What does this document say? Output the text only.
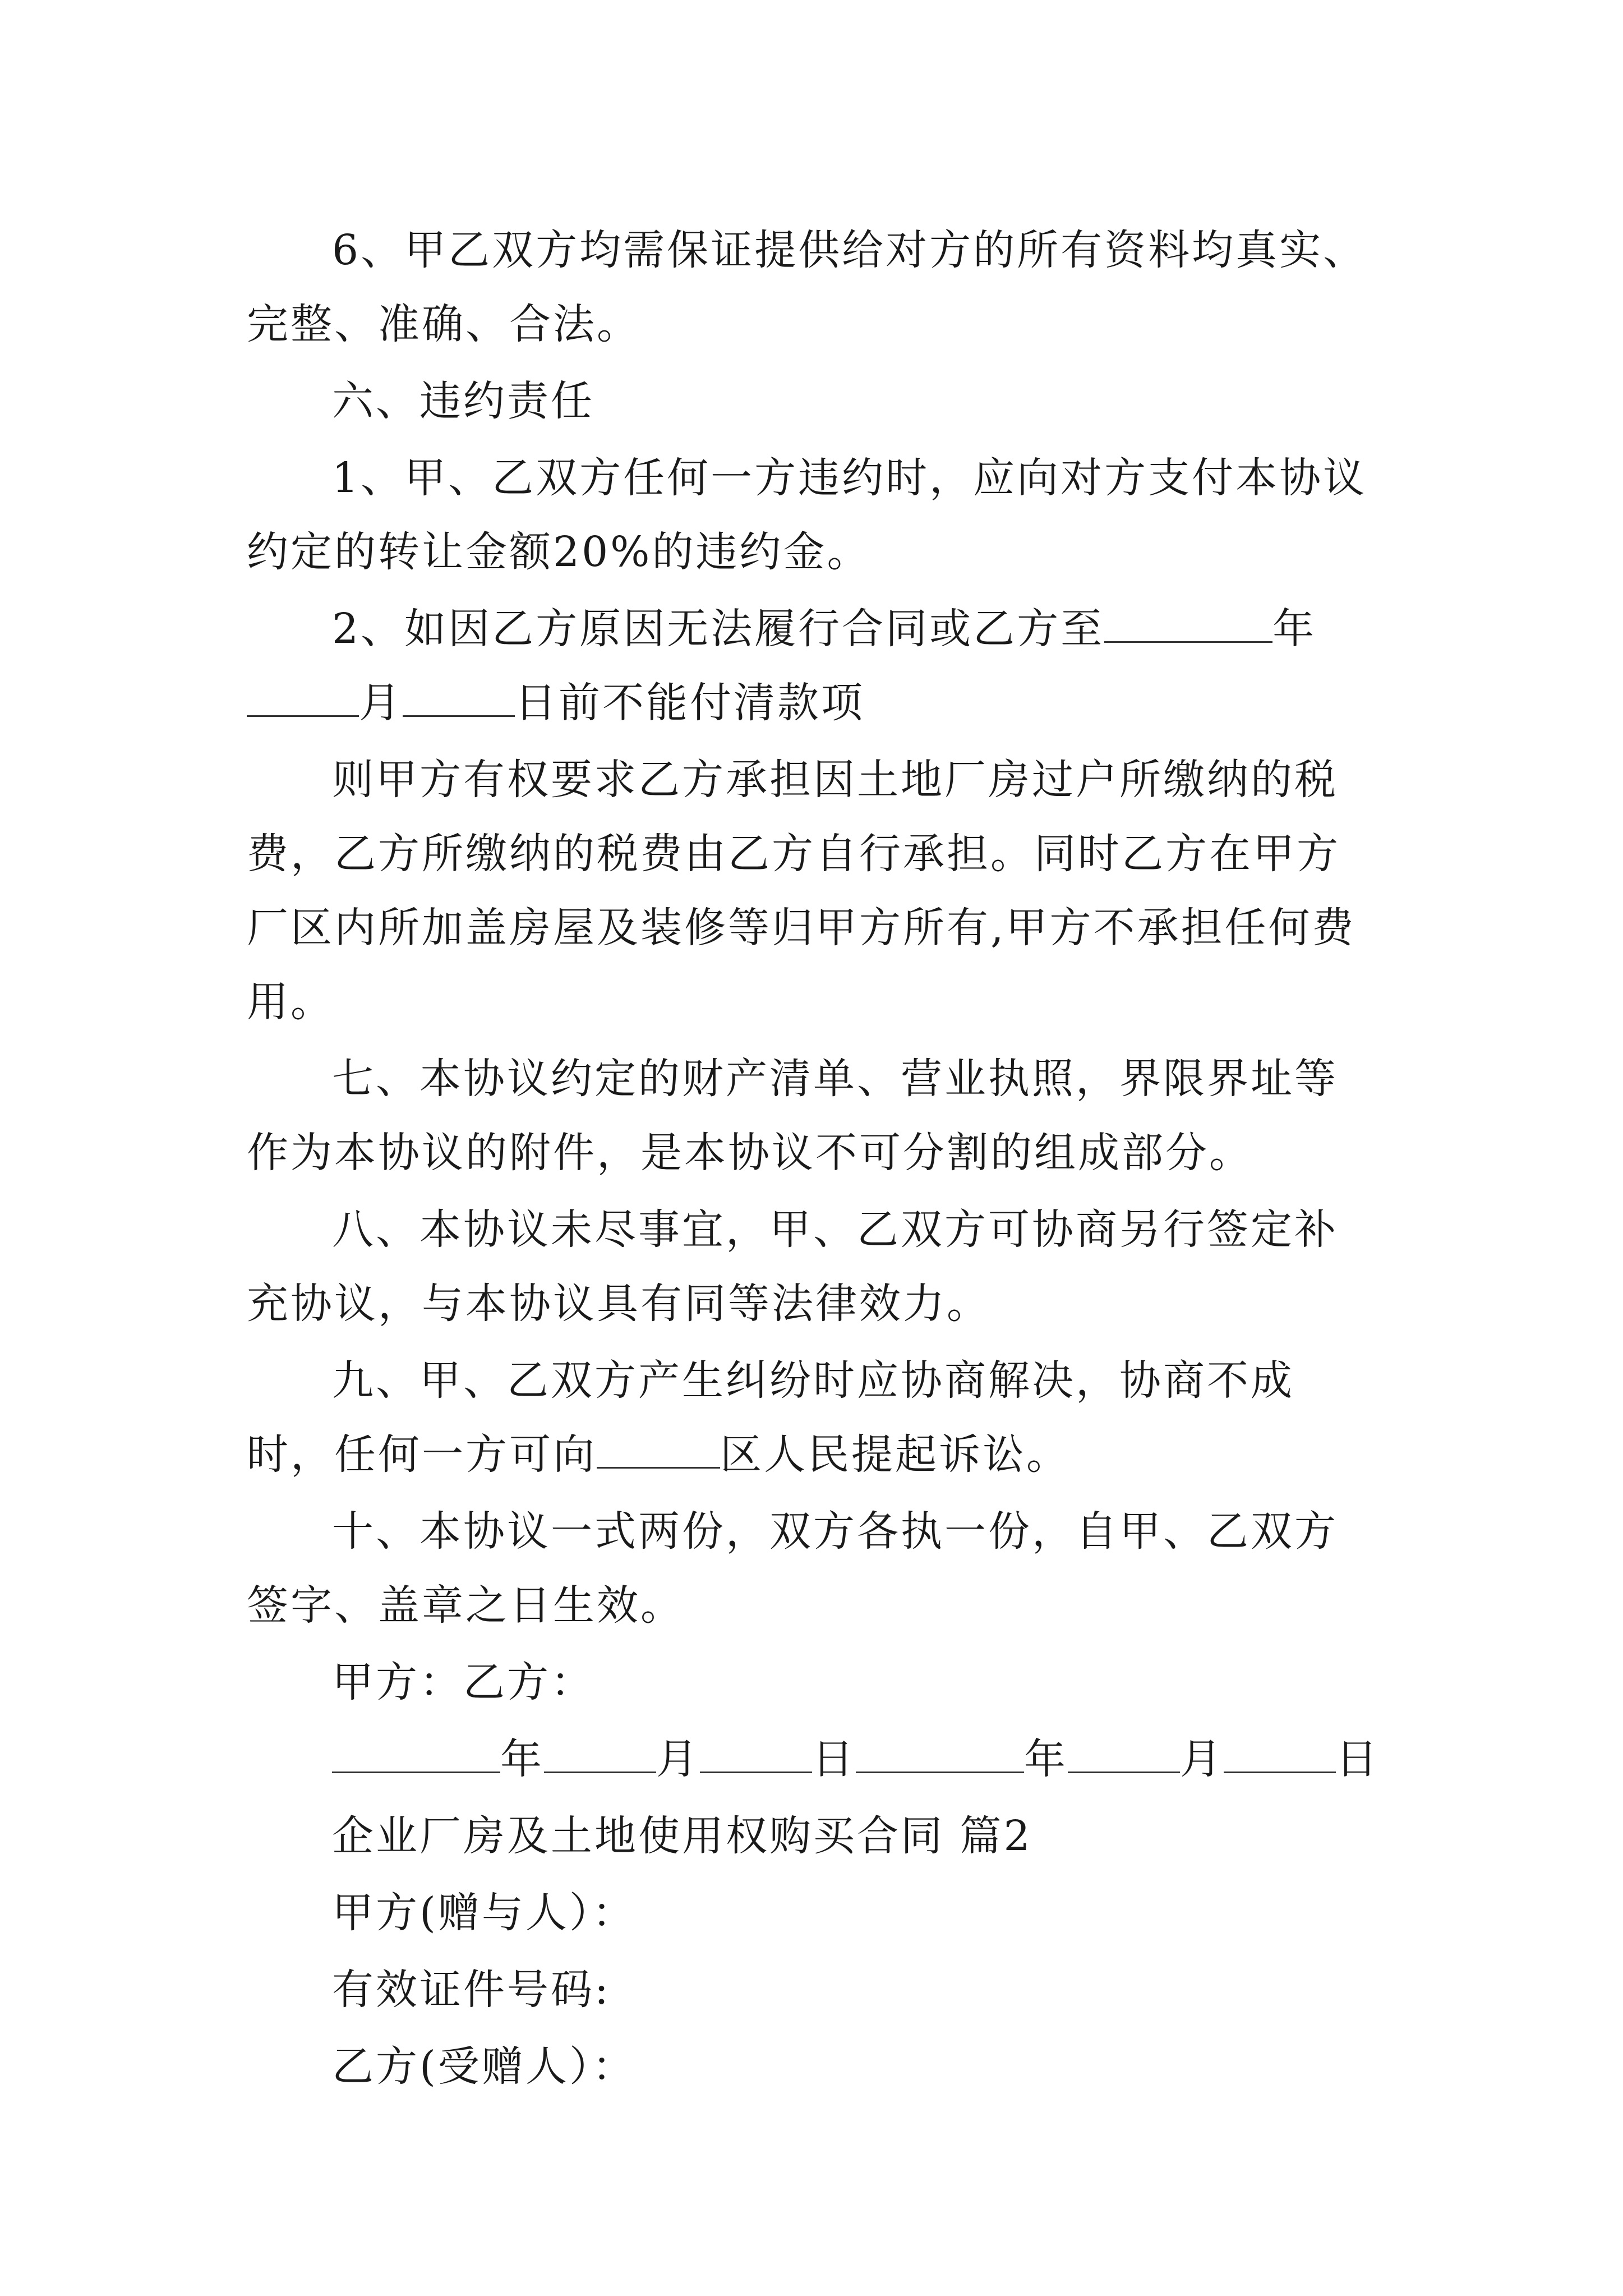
6、甲乙双方均需保证提供给对方的所有资料均真实、完整、准确、合法。

六、违约责任

1、甲、乙双方任何一方违约时，应向对方支付本协议约定的转让金额20%的违约金。

2、如因乙方原因无法履行合同或乙方至	年月	日前不能付清款项

则甲方有权要求乙方承担因土地厂房过户所缴纳的税费，乙方所缴纳的税费由乙方自行承担。同时乙方在甲方厂区内所加盖房屋及装修等归甲方所有,甲方不承担任何费用。

七、本协议约定的财产清单、营业执照，界限界址等作为本协议的附件，是本协议不可分割的组成部分。

八、本协议未尽事宜，甲、乙双方可协商另行签定补充协议，与本协议具有同等法律效力。

九、甲、乙双方产生纠纷时应协商解决，协商不成时，任何一方可向	区人民提起诉讼。

十、本协议一式两份，双方各执一份，自甲、乙双方签字、盖章之日生效。

甲方：乙方：

年	月	日	年	月	日

企业厂房及土地使用权购买合同 篇2

甲方(赠与人）：

有效证件号码:

乙方(受赠人）：
